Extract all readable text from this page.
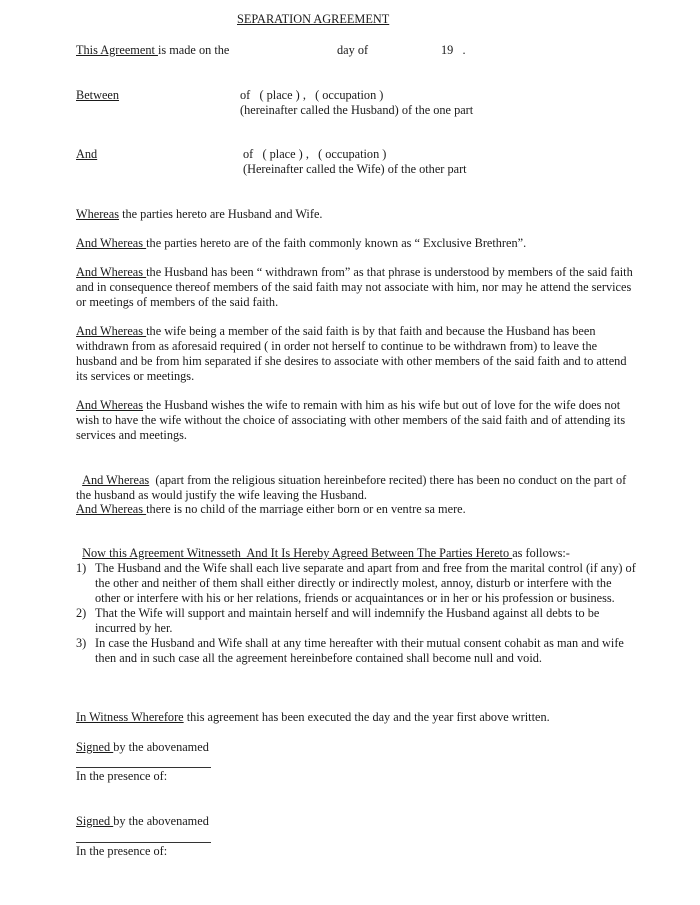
SEPARATION AGREEMENT
This Agreement is made on the	day of	19   .
Between	of   ( place ) ,   ( occupation )
(hereinafter called the Husband) of the one part
And	of   ( place ) ,   ( occupation )
(Hereinafter called the Wife) of the other part
Whereas the parties hereto are Husband and Wife.
And Whereas the parties hereto are of the faith commonly known as “ Exclusive Brethren”.
And Whereas the Husband has been “ withdrawn from” as that phrase is understood by members of the said faith and in consequence thereof members of the said faith may not associate with him, nor may he attend the services or meetings of members of the said faith.
And Whereas the wife being a member of the said faith is by that faith and because the Husband has been withdrawn from as aforesaid required ( in order not herself to continue to be withdrawn from) to leave the husband and be from him separated if she desires to associate with other members of the said faith and to attend its services or meetings.
And Whereas the Husband wishes the wife to remain with him as his wife but out of love for the wife does not wish to have the wife without the choice of associating with other members of the said faith and of attending its services and meetings.

And Whereas  (apart from the religious situation hereinbefore recited) there has been no conduct on the part of the husband as would justify the wife leaving the Husband.

And Whereas there is no child of the marriage either born or en ventre sa mere.

Now this Agreement Witnesseth  And It Is Hereby Agreed Between The Parties Hereto as follows:-

1) The Husband and the Wife shall each live separate and apart from and free from the marital control (if any) of the other and neither of them shall either directly or indirectly molest, annoy, disturb or interfere with the other or interfere with his or her relations, friends or acquaintances or in her or his profession or business.
2) That the Wife will support and maintain herself and will indemnify the Husband against all debts to be incurred by her.
3) In case the Husband and Wife shall at any time hereafter with their mutual consent cohabit as man and wife then and in such case all the agreement hereinbefore contained shall become null and void.
In Witness Wherefore this agreement has been executed the day and the year first above written.
Signed by the abovenamed
In the presence of:
Signed by the abovenamed
In the presence of:
